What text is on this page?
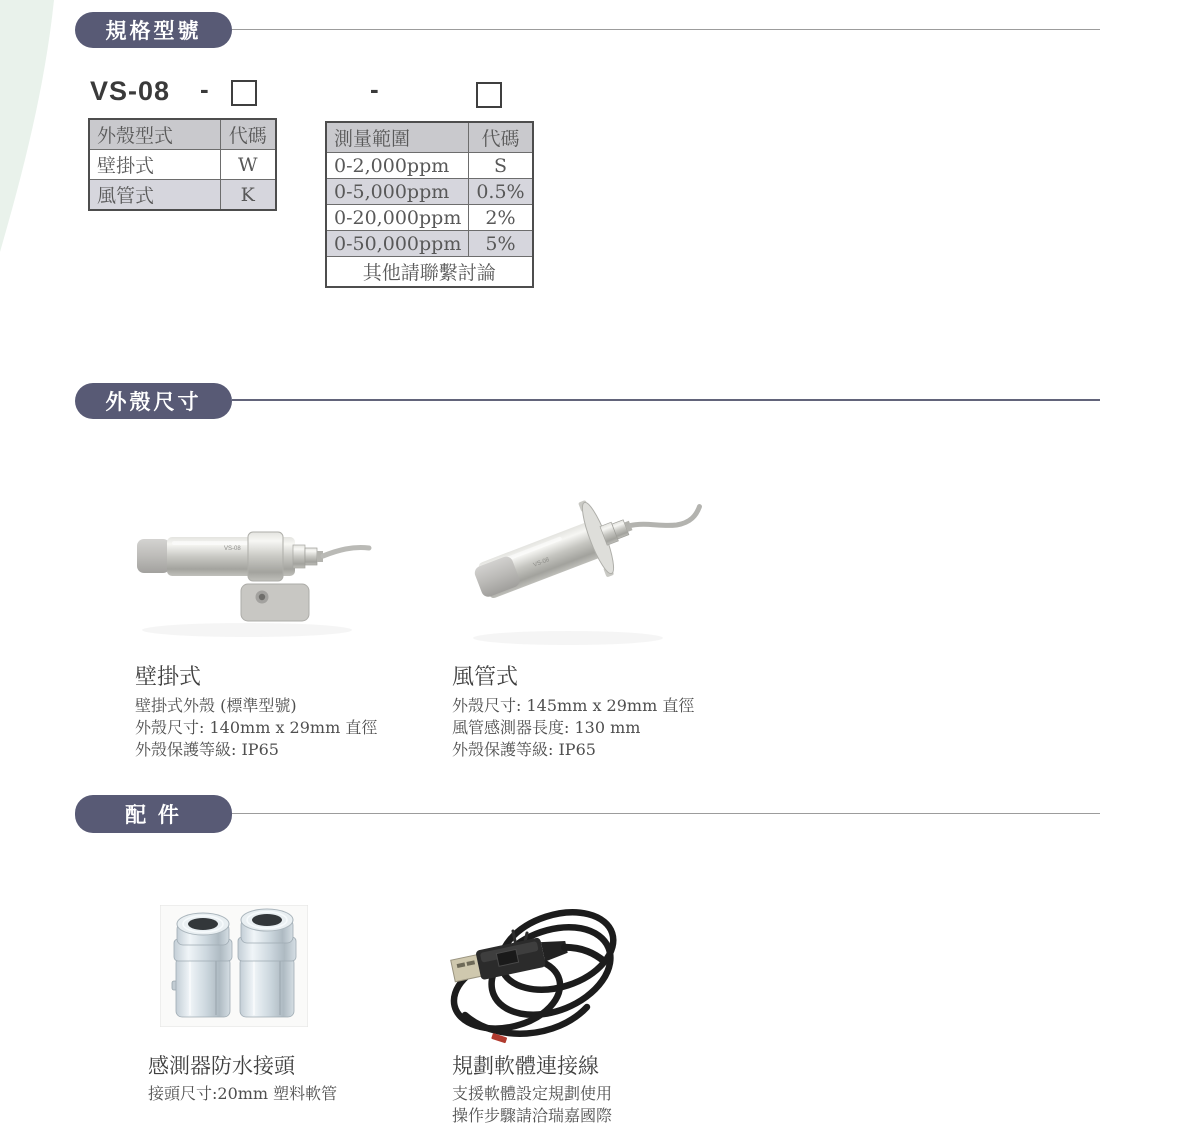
規格型號
VS-08 -	-
外殼型式	代碼
壁掛式	W
風管式	K
測量範圍	代碼
0-2,000ppm	S
0-5,000ppm	0.5%
0-20,000ppm	2%
0-50,000ppm	5%
其他請聯繫討論	
外殼尺寸
VS-08
VS-08

壁掛式

壁掛式外殼 (標準型號)

外殼尺寸: 140mm x 29mm 直徑

外殼保護等級: IP65

風管式

外殼尺寸: 145mm x 29mm 直徑

風管感測器長度: 130 mm

外殼保護等級: IP65

配 件

感測器防水接頭

接頭尺寸:20mm 塑料軟管

規劃軟體連接線

支援軟體設定規劃使用

操作步驟請洽瑞嘉國際
